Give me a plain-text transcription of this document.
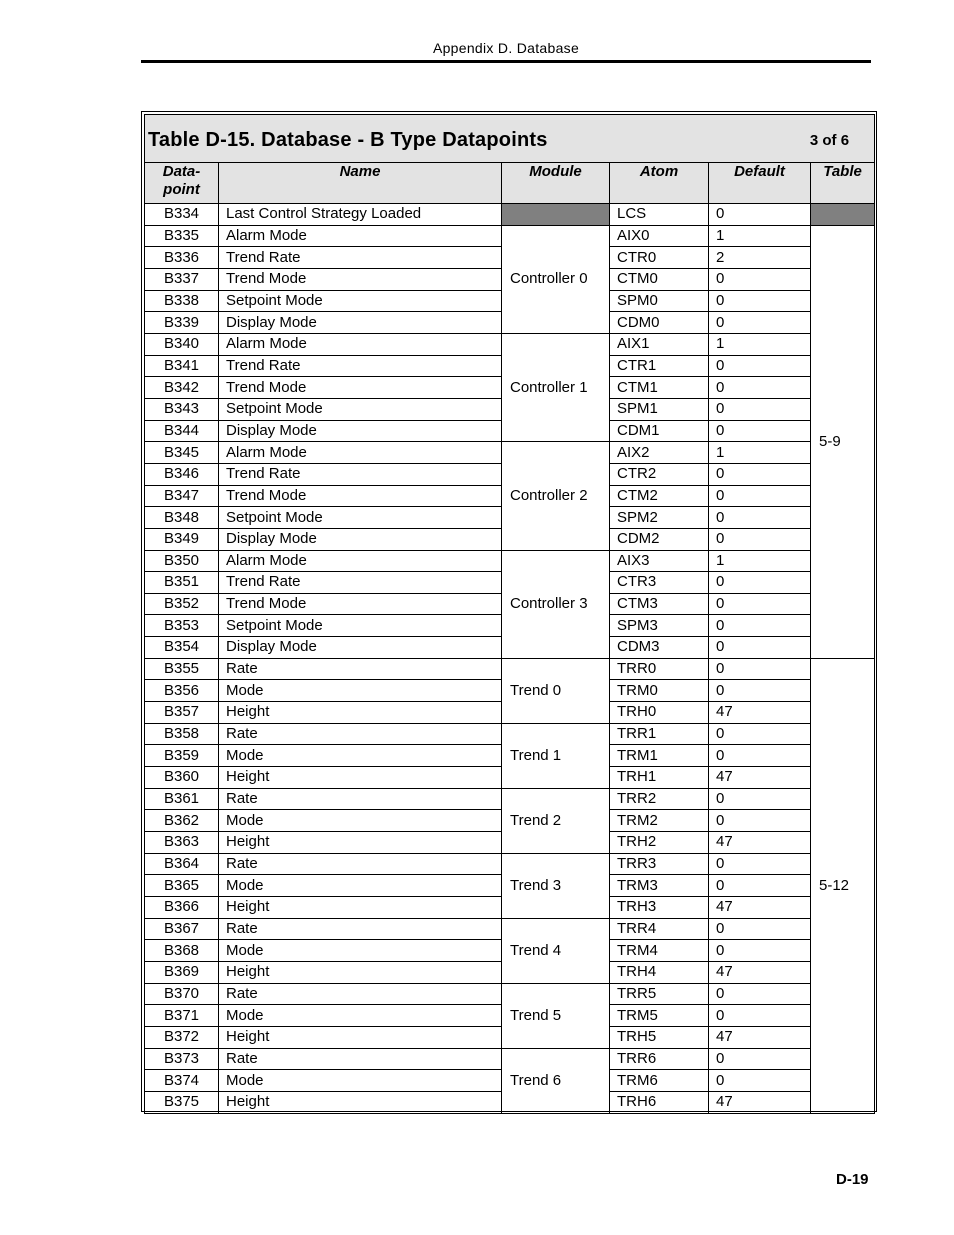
Appendix D. Database
Table D-15. Database - B Type Datapoints 3 of 6					

Data-
point	Name	Module	Atom	Default	Table
B334	Last Control Strategy Loaded		LCS	0	
B335	Alarm Mode	Controller 0	AIX0	1	5-9
B336	Trend Rate		CTR0	2	
B337	Trend Mode		CTM0	0	
B338	Setpoint Mode		SPM0	0	
B339	Display Mode		CDM0	0	
B340	Alarm Mode	Controller 1	AIX1	1	
B341	Trend Rate		CTR1	0	
B342	Trend Mode		CTM1	0	
B343	Setpoint Mode		SPM1	0	
B344	Display Mode		CDM1	0	
B345	Alarm Mode	Controller 2	AIX2	1	
B346	Trend Rate		CTR2	0	
B347	Trend Mode		CTM2	0	
B348	Setpoint Mode		SPM2	0	
B349	Display Mode		CDM2	0	
B350	Alarm Mode	Controller 3	AIX3	1	
B351	Trend Rate		CTR3	0	
B352	Trend Mode		CTM3	0	
B353	Setpoint Mode		SPM3	0	
B354	Display Mode		CDM3	0	
B355	Rate	Trend 0	TRR0	0	5-12
B356	Mode		TRM0	0	
B357	Height		TRH0	47	
B358	Rate	Trend 1	TRR1	0	
B359	Mode		TRM1	0	
B360	Height		TRH1	47	
B361	Rate	Trend 2	TRR2	0	
B362	Mode		TRM2	0	
B363	Height		TRH2	47	
B364	Rate	Trend 3	TRR3	0	
B365	Mode		TRM3	0	
B366	Height		TRH3	47	
B367	Rate	Trend 4	TRR4	0	
B368	Mode		TRM4	0	
B369	Height		TRH4	47	
B370	Rate	Trend 5	TRR5	0	
B371	Mode		TRM5	0	
B372	Height		TRH5	47	
B373	Rate	Trend 6	TRR6	0	
B374	Mode		TRM6	0	
B375	Height		TRH6	47	
D-19
